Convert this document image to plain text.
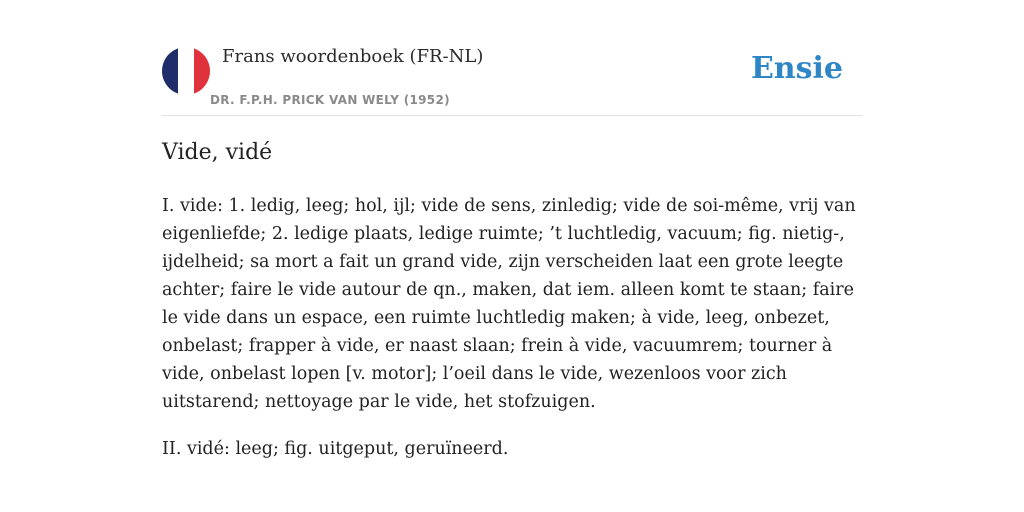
Frans woordenboek (FR-NL)
DR. F.P.H. PRICK VAN WELY (1952)
Ensie
Vide, vidé

I. vide: 1. ledig, leeg; hol, ijl; vide de sens, zinledig; vide de soi-même, vrij van eigenliefde; 2. ledige plaats, ledige ruimte; ’t luchtledig, vacuum; fig. nietig-, ijdelheid; sa mort a fait un grand vide, zijn verscheiden laat een grote leegte achter; faire le vide autour de qn., maken, dat iem. alleen komt te staan; faire le vide dans un espace, een ruimte luchtledig maken; à vide, leeg, onbezet, onbelast; frapper à vide, er naast slaan; frein à vide, vacuumrem; tourner à vide, onbelast lopen [v. motor]; l’oeil dans le vide, wezenloos voor zich uitstarend; nettoyage par le vide, het stofzuigen.

II. vidé: leeg; fig. uitgeput, geruïneerd.
